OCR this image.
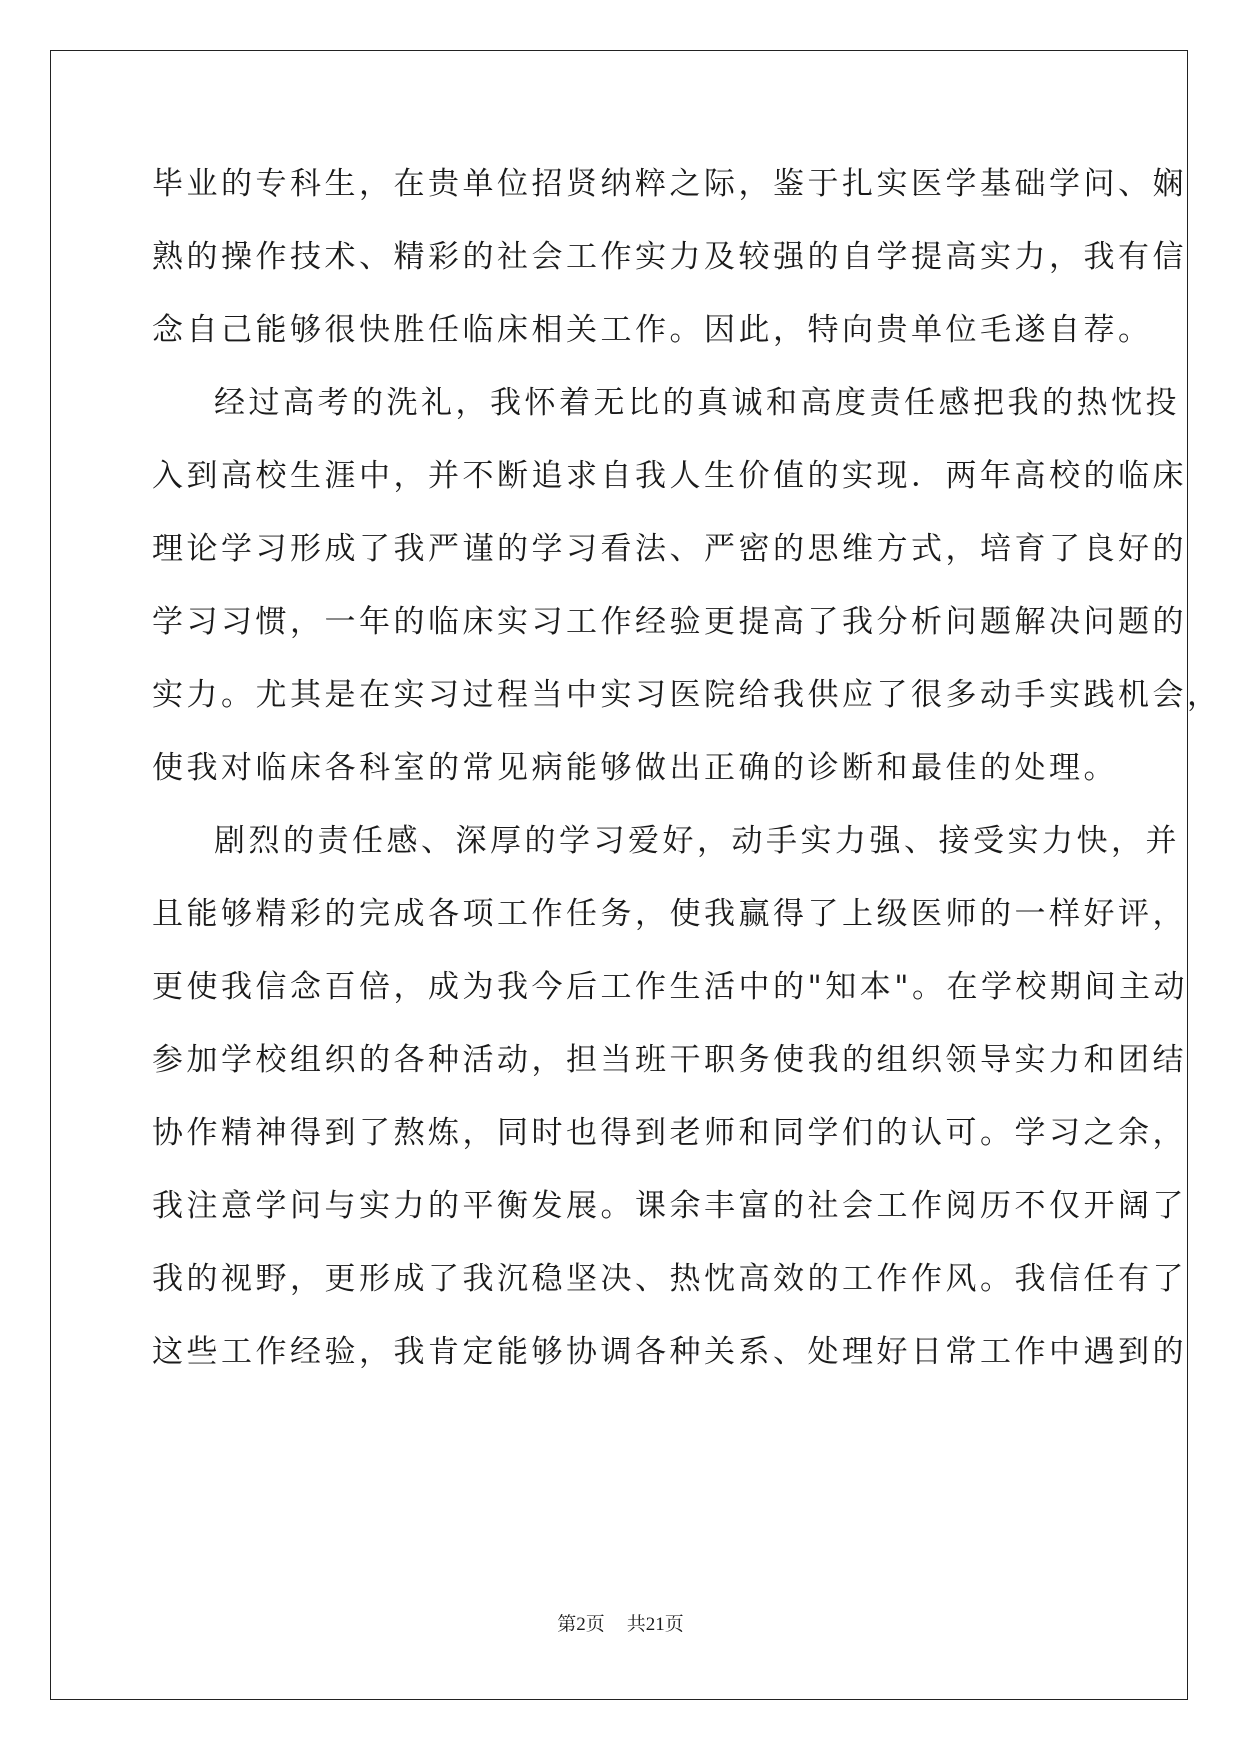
毕业的专科生，在贵单位招贤纳粹之际，鉴于扎实医学基础学问、娴
熟的操作技术、精彩的社会工作实力及较强的自学提高实力，我有信
念自己能够很快胜任临床相关工作。因此，特向贵单位毛遂自荐。
经过高考的洗礼，我怀着无比的真诚和高度责任感把我的热忱投
入到高校生涯中，并不断追求自我人生价值的实现．两年高校的临床
理论学习形成了我严谨的学习看法、严密的思维方式，培育了良好的
学习习惯，一年的临床实习工作经验更提高了我分析问题解决问题的
实力。尤其是在实习过程当中实习医院给我供应了很多动手实践机会，
使我对临床各科室的常见病能够做出正确的诊断和最佳的处理。
剧烈的责任感、深厚的学习爱好，动手实力强、接受实力快，并
且能够精彩的完成各项工作任务，使我赢得了上级医师的一样好评，
更使我信念百倍，成为我今后工作生活中的"知本"。在学校期间主动
参加学校组织的各种活动，担当班干职务使我的组织领导实力和团结
协作精神得到了熬炼，同时也得到老师和同学们的认可。学习之余，
我注意学问与实力的平衡发展。课余丰富的社会工作阅历不仅开阔了
我的视野，更形成了我沉稳坚决、热忱高效的工作作风。我信任有了
这些工作经验，我肯定能够协调各种关系、处理好日常工作中遇到的
第2页 共21页
